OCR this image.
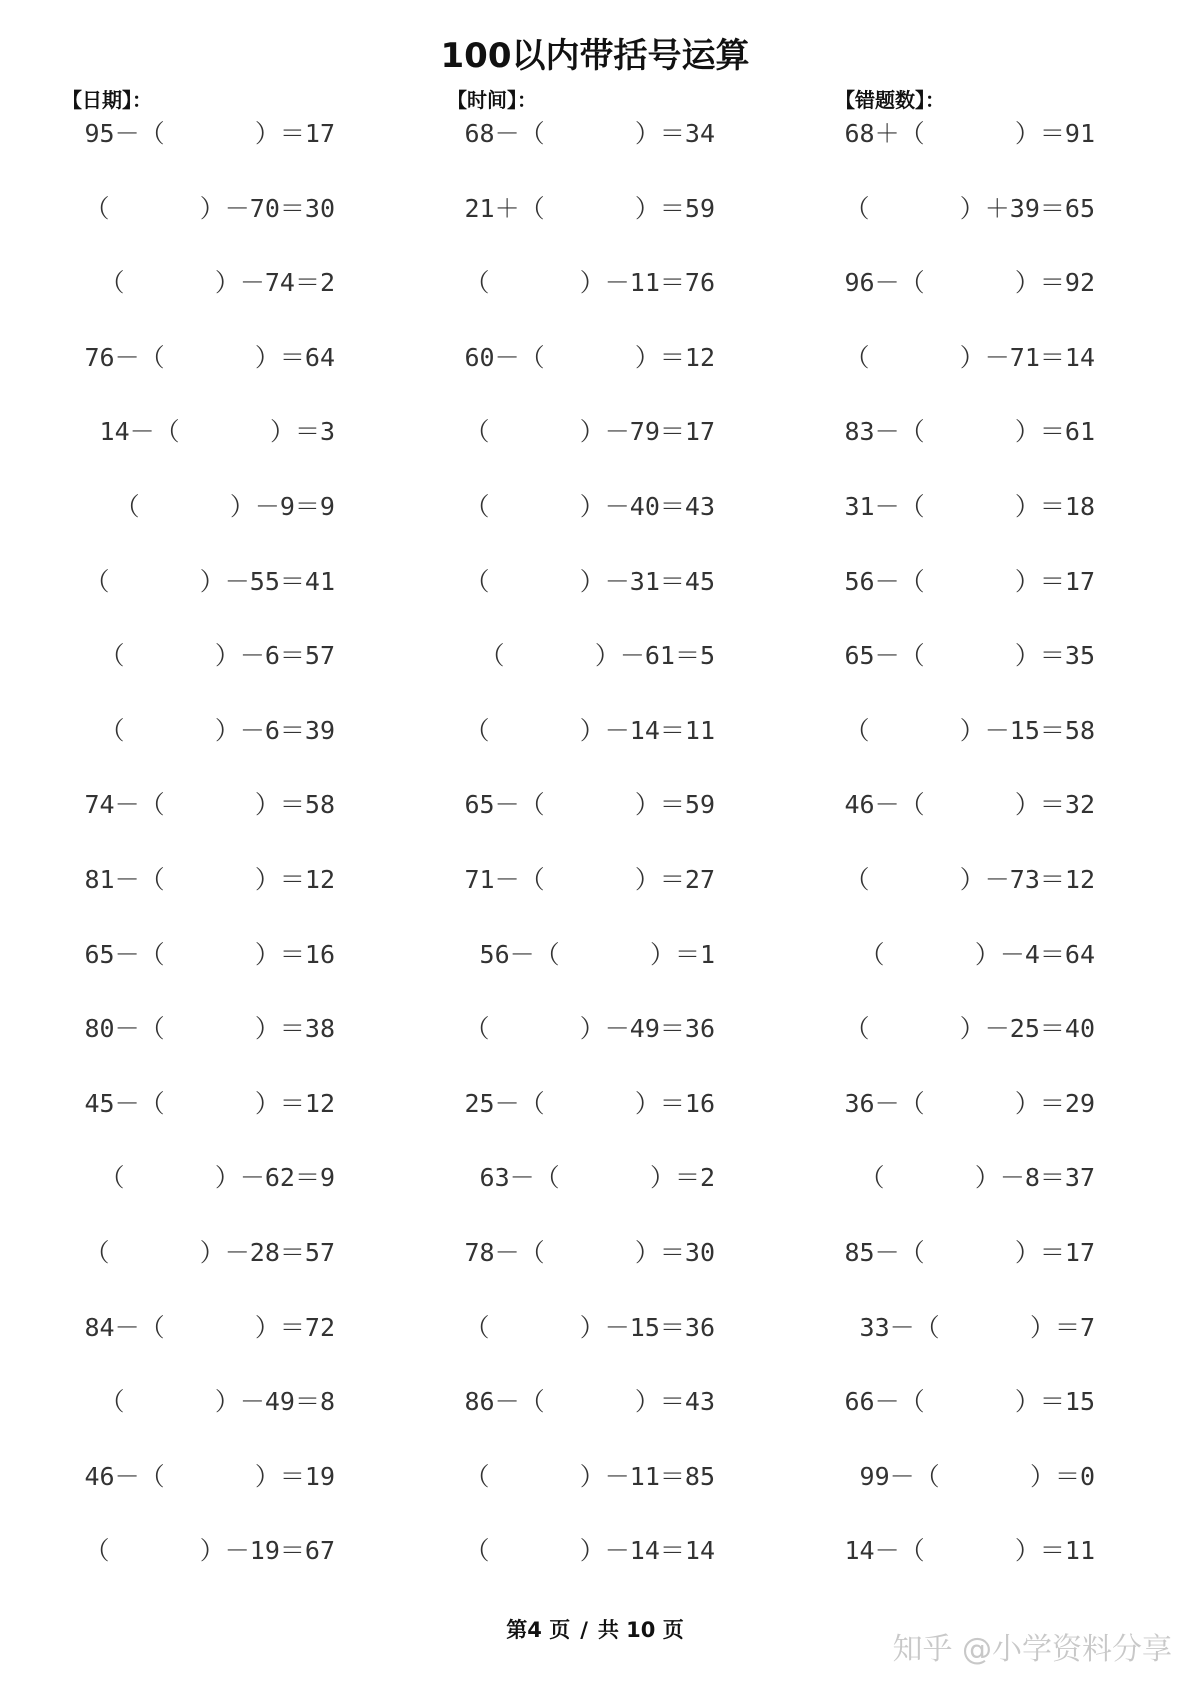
100以内带括号运算
【日期】：	【时间】：	【错题数】：
95－（      ）＝17
（      ）－70＝30
（      ）－74＝2
76－（      ）＝64
14－（      ）＝3
（      ）－9＝9
（      ）－55＝41
（      ）－6＝57
（      ）－6＝39
74－（      ）＝58
81－（      ）＝12
65－（      ）＝16
80－（      ）＝38
45－（      ）＝12
（      ）－62＝9
（      ）－28＝57
84－（      ）＝72
（      ）－49＝8
46－（      ）＝19
（      ）－19＝67
68－（      ）＝34
21＋（      ）＝59
（      ）－11＝76
60－（      ）＝12
（      ）－79＝17
（      ）－40＝43
（      ）－31＝45
（      ）－61＝5
（      ）－14＝11
65－（      ）＝59
71－（      ）＝27
56－（      ）＝1
（      ）－49＝36
25－（      ）＝16
63－（      ）＝2
78－（      ）＝30
（      ）－15＝36
86－（      ）＝43
（      ）－11＝85
（      ）－14＝14
68＋（      ）＝91
（      ）＋39＝65
96－（      ）＝92
（      ）－71＝14
83－（      ）＝61
31－（      ）＝18
56－（      ）＝17
65－（      ）＝35
（      ）－15＝58
46－（      ）＝32
（      ）－73＝12
（      ）－4＝64
（      ）－25＝40
36－（      ）＝29
（      ）－8＝37
85－（      ）＝17
33－（      ）＝7
66－（      ）＝15
99－（      ）＝0
14－（      ）＝11
第4 页 / 共 10 页
知乎 @小学资料分享
